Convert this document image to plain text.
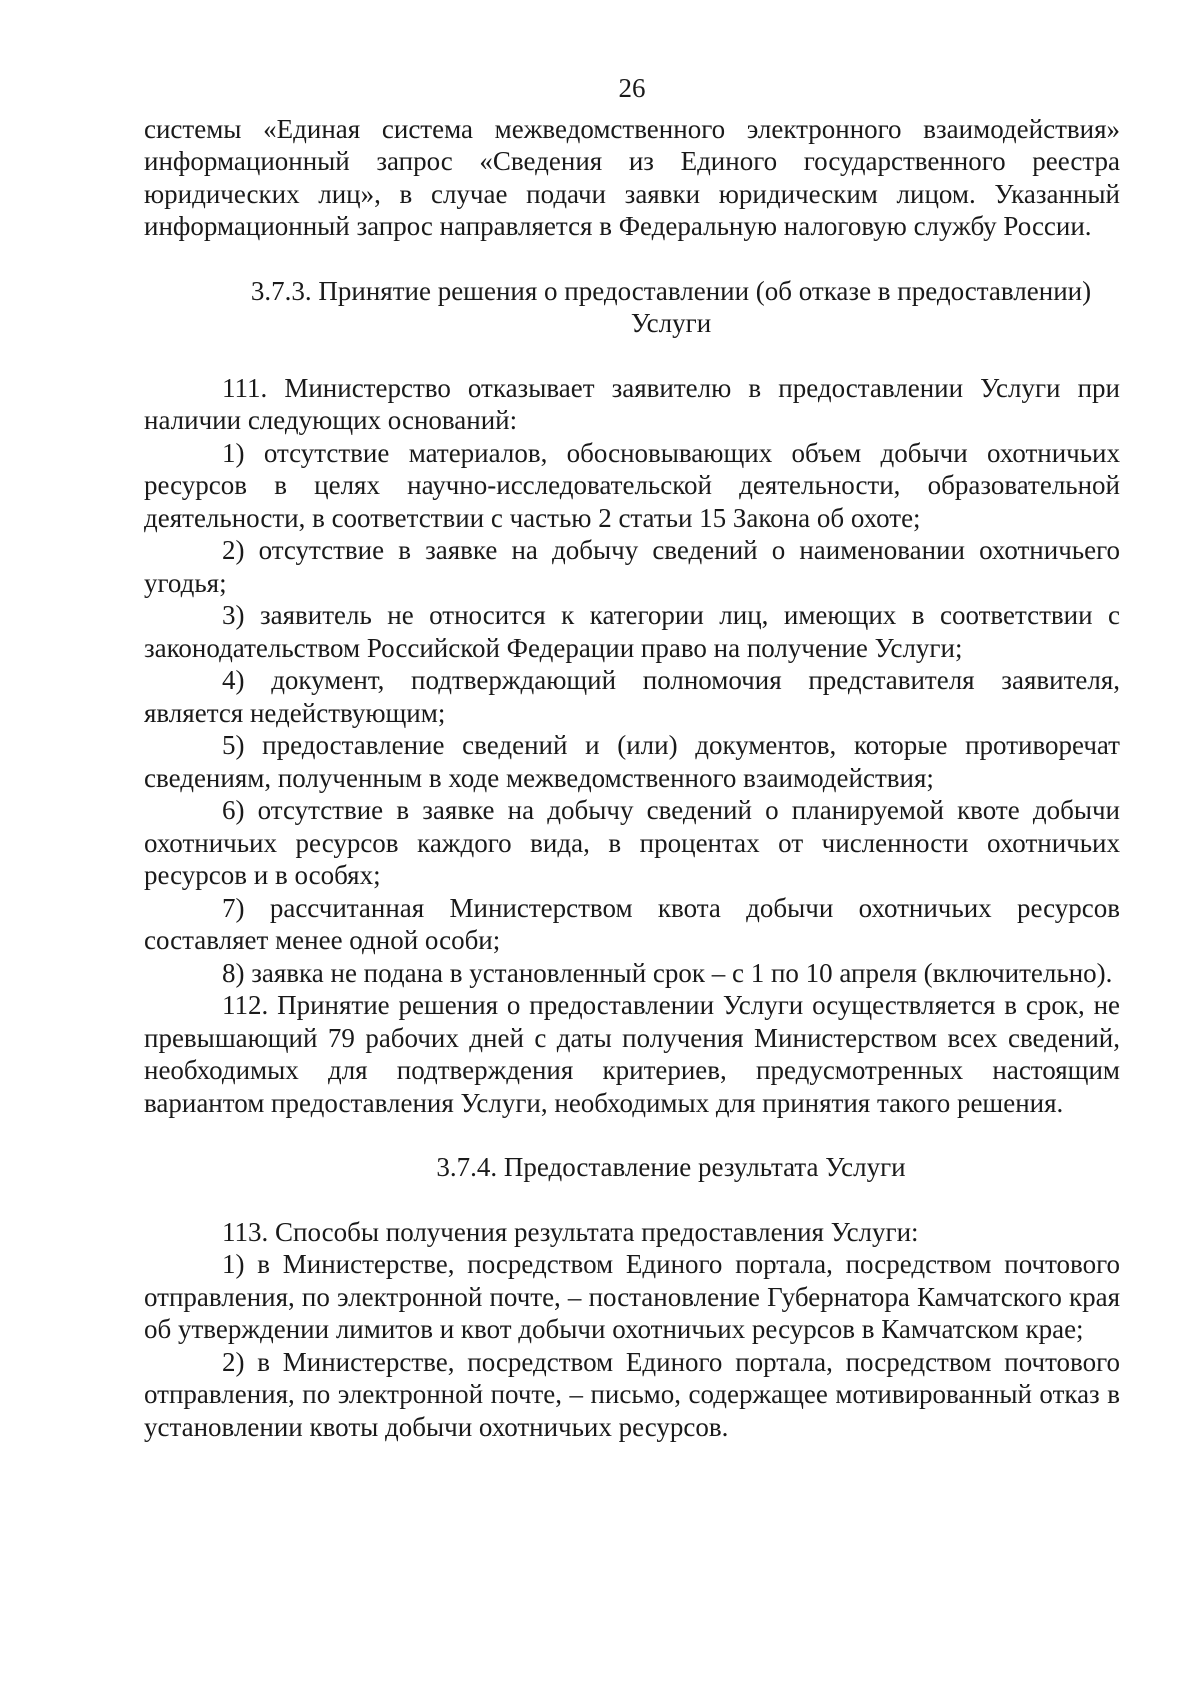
26

системы «Единая система межведомственного электронного взаимодействия» информационный запрос «Сведения из Единого государственного реестра юридических лиц», в случае подачи заявки юридическим лицом. Указанный информационный запрос направляется в Федеральную налоговую службу России.

3.7.3. Принятие решения о предоставлении (об отказе в предоставлении)

Услуги

111. Министерство отказывает заявителю в предоставлении Услуги при наличии следующих оснований:

1) отсутствие материалов, обосновывающих объем добычи охотничьих ресурсов в целях научно-исследовательской деятельности, образовательной деятельности, в соответствии с частью 2 статьи 15 Закона об охоте;

2) отсутствие в заявке на добычу сведений о наименовании охотничьего угодья;

3) заявитель не относится к категории лиц, имеющих в соответствии с законодательством Российской Федерации право на получение Услуги;

4) документ, подтверждающий полномочия представителя заявителя, является недействующим;

5) предоставление сведений и (или) документов, которые противоречат сведениям, полученным в ходе межведомственного взаимодействия;

6) отсутствие в заявке на добычу сведений о планируемой квоте добычи охотничьих ресурсов каждого вида, в процентах от численности охотничьих ресурсов и в особях;

7) рассчитанная Министерством квота добычи охотничьих ресурсов составляет менее одной особи;

8) заявка не подана в установленный срок – с 1 по 10 апреля (включительно).

112. Принятие решения о предоставлении Услуги осуществляется в срок, не превышающий 79 рабочих дней с даты получения Министерством всех сведений, необходимых для подтверждения критериев, предусмотренных настоящим вариантом предоставления Услуги, необходимых для принятия такого решения.

3.7.4. Предоставление результата Услуги

113. Способы получения результата предоставления Услуги:

1) в Министерстве, посредством Единого портала, посредством почтового отправления, по электронной почте, – постановление Губернатора Камчатского края об утверждении лимитов и квот добычи охотничьих ресурсов в Камчатском крае;

2) в Министерстве, посредством Единого портала, посредством почтового отправления, по электронной почте, – письмо, содержащее мотивированный отказ в установлении квоты добычи охотничьих ресурсов.
